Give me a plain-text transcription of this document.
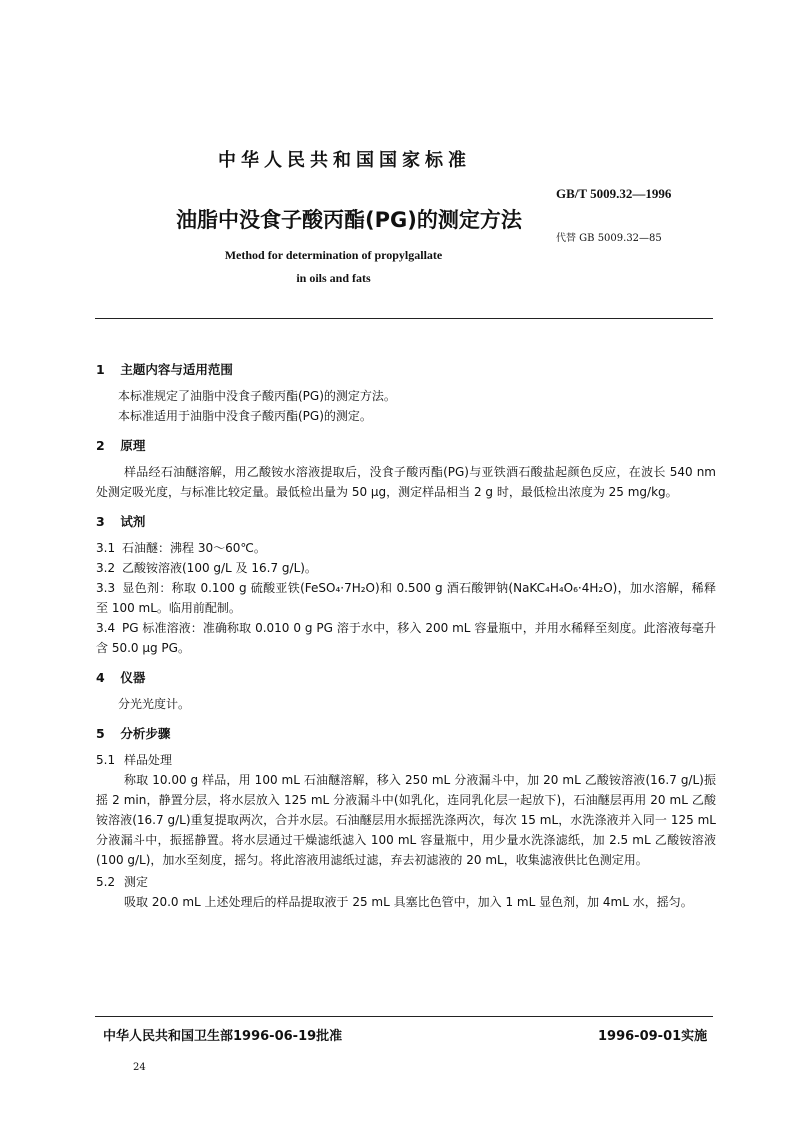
中华人民共和国国家标准
GB/T 5009.32—1996
油脂中没食子酸丙酯(PG)的测定方法
代替 GB 5009.32—85
Method for determination of propylgallate
in oils and fats
1 主题内容与适用范围
本标准规定了油脂中没食子酸丙酯(PG)的测定方法。
本标准适用于油脂中没食子酸丙酯(PG)的测定。
2 原理
样品经石油醚溶解，用乙酸铵水溶液提取后，没食子酸丙酯(PG)与亚铁酒石酸盐起颜色反应，在波长 540 nm 处测定吸光度，与标准比较定量。最低检出量为 50 μg，测定样品相当 2 g 时，最低检出浓度为 25 mg/kg。
3 试剂
3.1 石油醚：沸程 30～60℃。
3.2 乙酸铵溶液(100 g/L 及 16.7 g/L)。
3.3 显色剂：称取 0.100 g 硫酸亚铁(FeSO₄·7H₂O)和 0.500 g 酒石酸钾钠(NaKC₄H₄O₆·4H₂O)，加水溶解，稀释至 100 mL。临用前配制。
3.4 PG 标准溶液：准确称取 0.010 0 g PG 溶于水中，移入 200 mL 容量瓶中，并用水稀释至刻度。此溶液每毫升含 50.0 μg PG。
4 仪器
分光光度计。
5 分析步骤
5.1 样品处理
称取 10.00 g 样品，用 100 mL 石油醚溶解，移入 250 mL 分液漏斗中，加 20 mL 乙酸铵溶液(16.7 g/L)振摇 2 min，静置分层，将水层放入 125 mL 分液漏斗中(如乳化，连同乳化层一起放下)，石油醚层再用 20 mL 乙酸铵溶液(16.7 g/L)重复提取两次，合并水层。石油醚层用水振摇洗涤两次，每次 15 mL，水洗涤液并入同一 125 mL 分液漏斗中，振摇静置。将水层通过干燥滤纸滤入 100 mL 容量瓶中，用少量水洗涤滤纸，加 2.5 mL 乙酸铵溶液(100 g/L)，加水至刻度，摇匀。将此溶液用滤纸过滤，弃去初滤液的 20 mL，收集滤液供比色测定用。
5.2 测定
吸取 20.0 mL 上述处理后的样品提取液于 25 mL 具塞比色管中，加入 1 mL 显色剂，加 4mL 水，摇匀。
中华人民共和国卫生部1996-06-19批准	1996-09-01实施
24
